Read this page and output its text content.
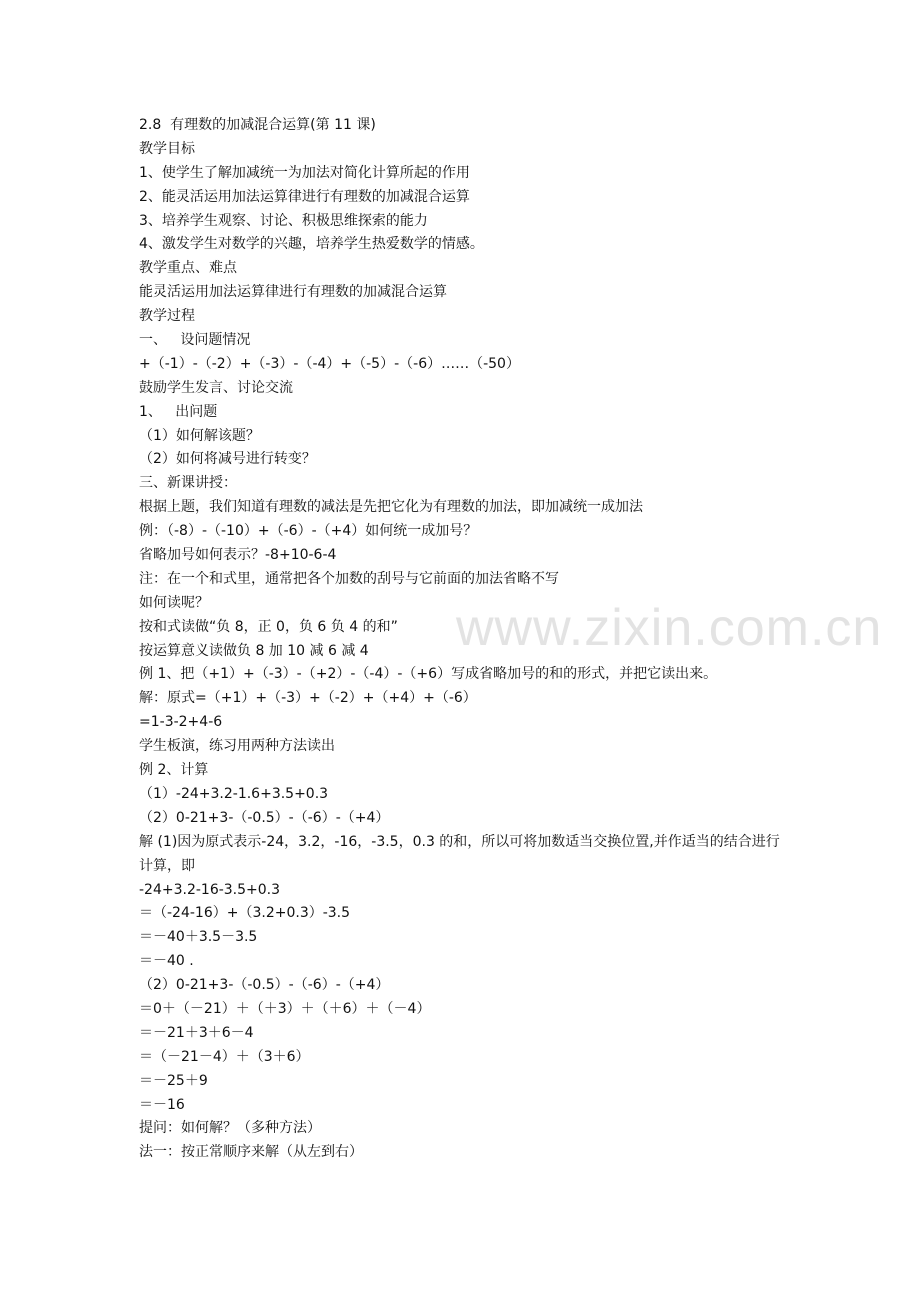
www.zixin.com.cn
2.8  有理数的加减混合运算(第 11 课)
教学目标
1、使学生了解加减统一为加法对简化计算所起的作用
2、能灵活运用加法运算律进行有理数的加减混合运算
3、培养学生观察、讨论、积极思维探索的能力
4、激发学生对数学的兴趣，培养学生热爱数学的情感。
教学重点、难点
能灵活运用加法运算律进行有理数的加减混合运算
教学过程
一、   设问题情况
+（-1）-（-2）+（-3）-（-4）+（-5）-（-6）……（-50）
鼓励学生发言、讨论交流
1、   出问题
（1）如何解该题？
（2）如何将减号进行转变？
三、新课讲授：
根据上题，我们知道有理数的减法是先把它化为有理数的加法，即加减统一成加法
例：（-8）-（-10）+（-6）-（+4）如何统一成加号？
省略加号如何表示？-8+10-6-4
注：在一个和式里，通常把各个加数的刮号与它前面的加法省略不写
如何读呢？
按和式读做“负 8，正 0，负 6 负 4 的和”
按运算意义读做负 8 加 10 减 6 减 4
例 1、把（+1）+（-3）-（+2）-（-4）-（+6）写成省略加号的和的形式，并把它读出来。
解：原式=（+1）+（-3）+（-2）+（+4）+（-6）
=1-3-2+4-6
学生板演，练习用两种方法读出
例 2、计算
（1）-24+3.2-1.6+3.5+0.3
（2）0-21+3-（-0.5）-（-6）-（+4）
解 (1)因为原式表示-24，3.2，-16，-3.5，0.3 的和，所以可将加数适当交换位置,并作适当的结合进行计算，即
-24+3.2-16-3.5+0.3
＝（-24-16）+（3.2+0.3）-3.5
＝－40＋3.5－3.5
＝－40 .
（2）0-21+3-（-0.5）-（-6）-（+4）
＝0＋（－21）＋（＋3）＋（＋6）＋（－4）
＝－21＋3＋6－4
＝（－21－4）＋（3＋6）
＝－25＋9
＝－16
提问：如何解？（多种方法）
法一：按正常顺序来解（从左到右）
